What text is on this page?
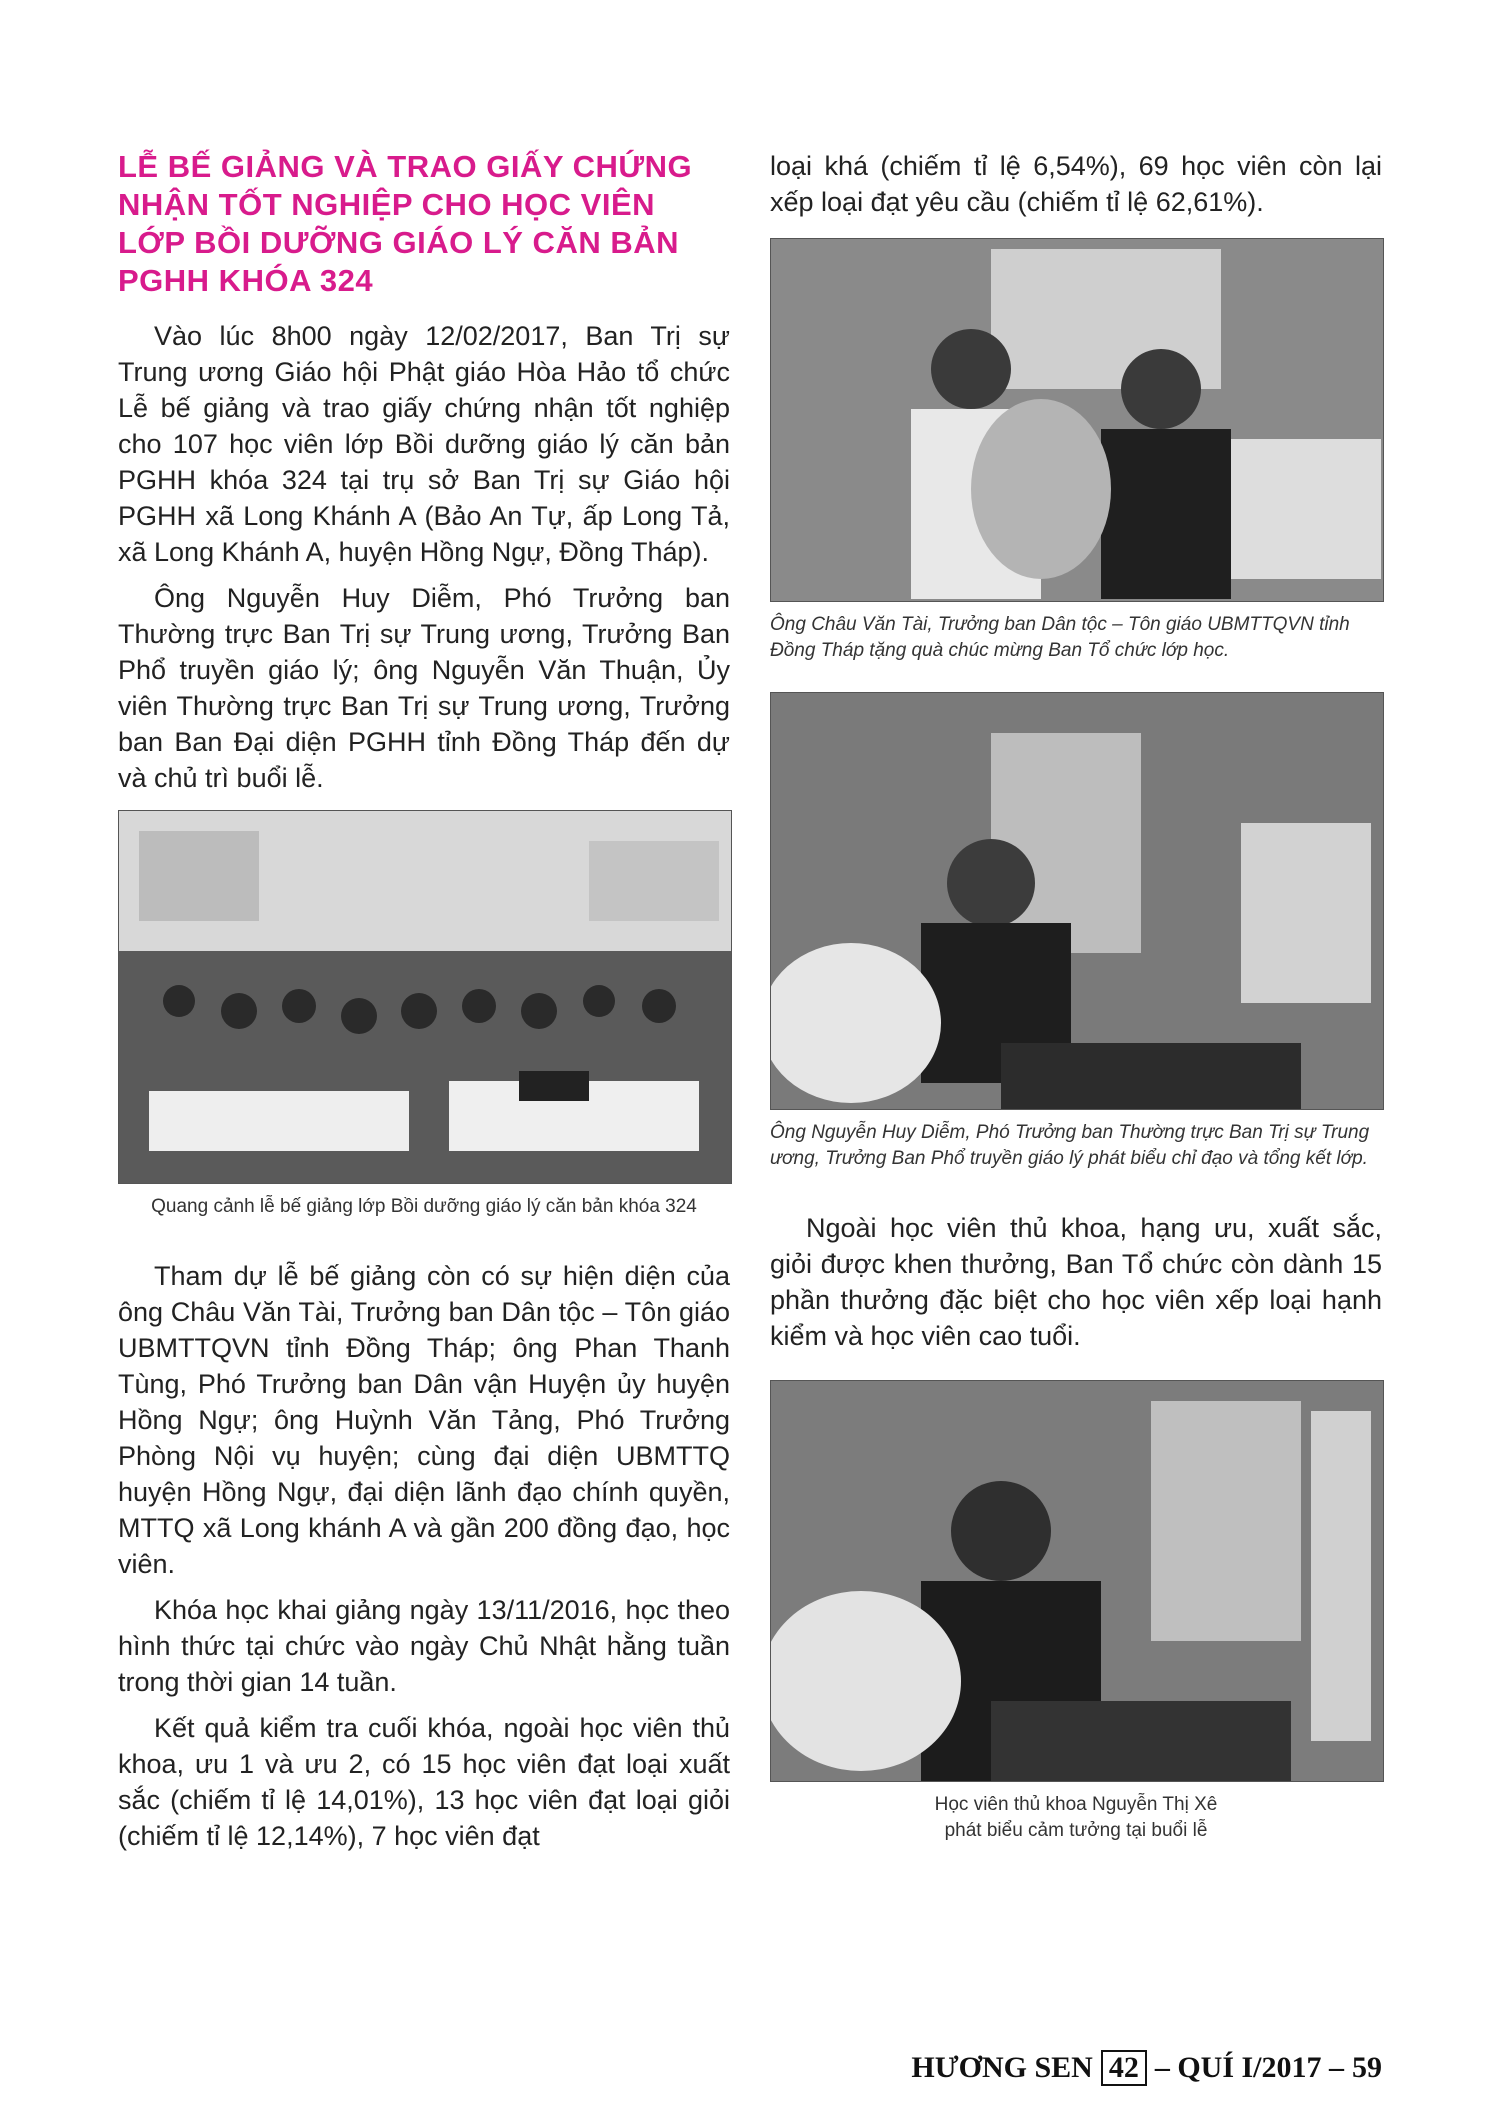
LỄ BẾ GIẢNG VÀ TRAO GIẤY CHỨNG NHẬN TỐT NGHIỆP CHO HỌC VIÊN LỚP BỒI DƯỠNG GIÁO LÝ CĂN BẢN PGHH KHÓA 324

Vào lúc 8h00 ngày 12/02/2017, Ban Trị sự Trung ương Giáo hội Phật giáo Hòa Hảo tổ chức Lễ bế giảng và trao giấy chứng nhận tốt nghiệp cho 107 học viên lớp Bồi dưỡng giáo lý căn bản PGHH khóa 324 tại trụ sở Ban Trị sự Giáo hội PGHH xã Long Khánh A (Bảo An Tự, ấp Long Tả, xã Long Khánh A, huyện Hồng Ngự, Đồng Tháp).

Ông Nguyễn Huy Diễm, Phó Trưởng ban Thường trực Ban Trị sự Trung ương, Trưởng Ban Phổ truyền giáo lý; ông Nguyễn Văn Thuận, Ủy viên Thường trực Ban Trị sự Trung ương, Trưởng ban Ban Đại diện PGHH tỉnh Đồng Tháp đến dự và chủ trì buổi lễ.

Quang cảnh lễ bế giảng lớp Bồi dưỡng giáo lý căn bản khóa 324

Tham dự lễ bế giảng còn có sự hiện diện của ông Châu Văn Tài, Trưởng ban Dân tộc – Tôn giáo UBMTTQVN tỉnh Đồng Tháp; ông Phan Thanh Tùng, Phó Trưởng ban Dân vận Huyện ủy huyện Hồng Ngự; ông Huỳnh Văn Tảng, Phó Trưởng Phòng Nội vụ huyện; cùng đại diện UBMTTQ huyện Hồng Ngự, đại diện lãnh đạo chính quyền, MTTQ xã Long khánh A và gần 200 đồng đạo, học viên.

Khóa học khai giảng ngày 13/11/2016, học theo hình thức tại chức vào ngày Chủ Nhật hằng tuần trong thời gian 14 tuần.

Kết quả kiểm tra cuối khóa, ngoài học viên thủ khoa, ưu 1 và ưu 2, có 15 học viên đạt loại xuất sắc (chiếm tỉ lệ 14,01%), 13 học viên đạt loại giỏi (chiếm tỉ lệ 12,14%), 7 học viên đạt

loại khá (chiếm tỉ lệ 6,54%), 69 học viên còn lại xếp loại đạt yêu cầu (chiếm tỉ lệ 62,61%).

Ông Châu Văn Tài, Trưởng ban Dân tộc – Tôn giáo UBMTTQVN tỉnh Đồng Tháp tặng quà chúc mừng Ban Tổ chức lớp học.

Ông Nguyễn Huy Diễm, Phó Trưởng ban Thường trực Ban Trị sự Trung ương, Trưởng Ban Phổ truyền giáo lý phát biểu chỉ đạo và tổng kết lớp.

Ngoài học viên thủ khoa, hạng ưu, xuất sắc, giỏi được khen thưởng, Ban Tổ chức còn dành 15 phần thưởng đặc biệt cho học viên xếp loại hạnh kiểm và học viên cao tuổi.

Học viên thủ khoa Nguyễn Thị Xê

phát biểu cảm tưởng tại buổi lễ

HƯƠNG SEN 42 – QUÍ I/2017 – 59
